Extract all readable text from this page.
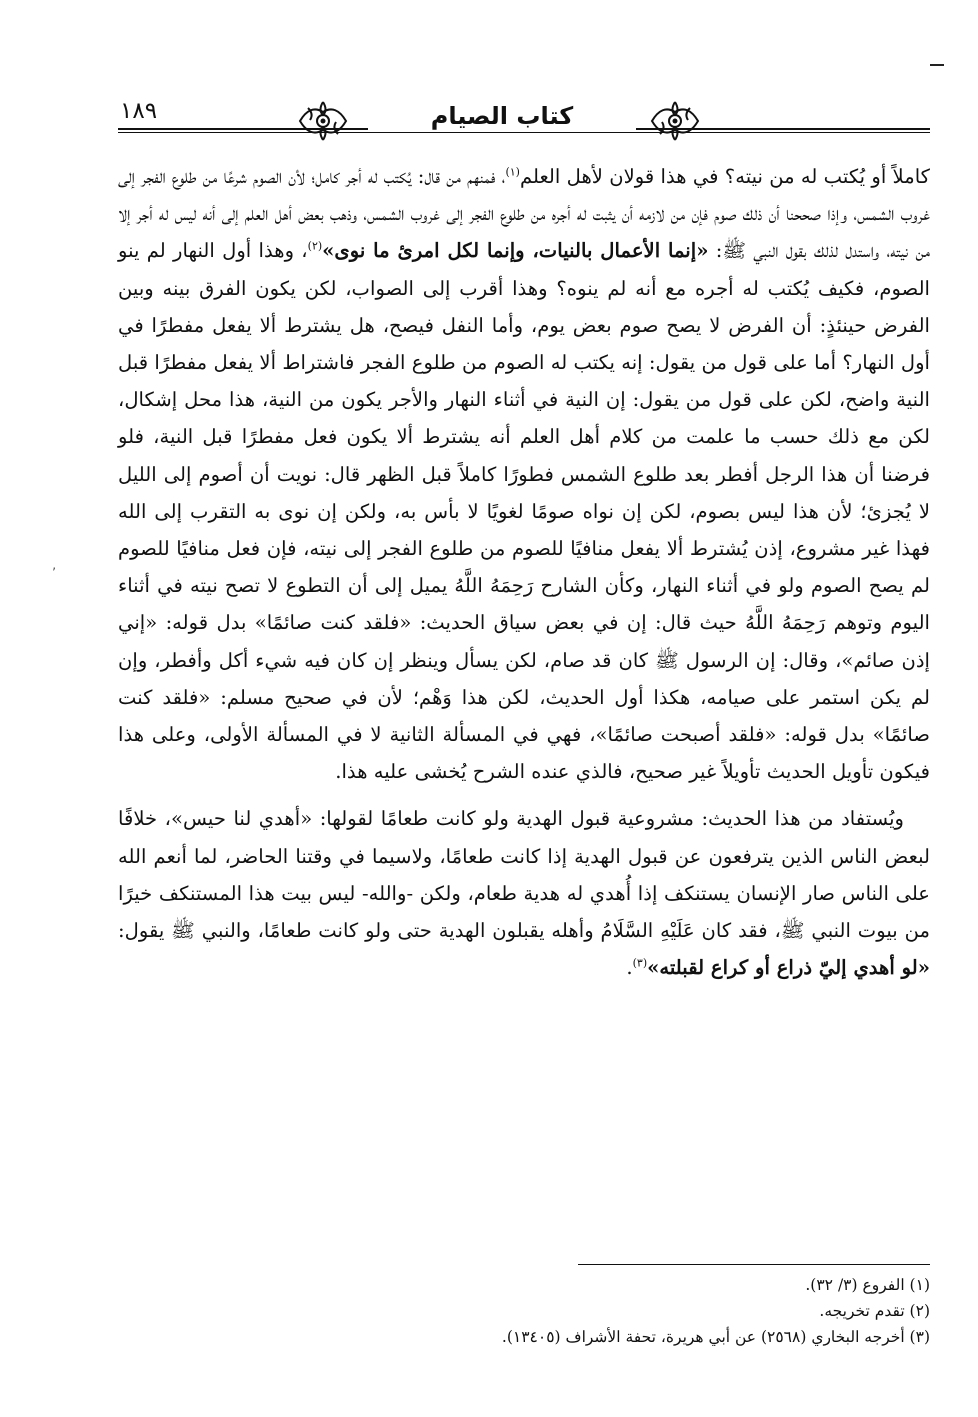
٬
١٨٩	كتاب الصيام

كاملاً أو يُكتب له من نيته؟ في هذا قولان لأهل العلم$^{(١)}$، فمنهم من قال: يُكتب له أجر كامل؛ لأن الصوم شرعًا من طلوع الفجر إلى غروب الشمس، وإذا صححنا أن ذلك صوم فإن من لازمه أن يثبت له أجره من طلوع الفجر إلى غروب الشمس، وذهب بعض أهل العلم إلى أنه ليس له أجر إلا من نيته، واستدل لذلك بقول النبي ﷺ: «إنما الأعمال بالنيات، وإنما لكل امرئ ما نوى»$^{(٢)}$، وهذا أول النهار لم ينو الصوم، فكيف يُكتب له أجره مع أنه لم ينوه؟ وهذا أقرب إلى الصواب، لكن يكون الفرق بينه وبين الفرض حينئذٍ: أن الفرض لا يصح صوم بعض يوم، وأما النفل فيصح، هل يشترط ألا يفعل مفطرًا في أول النهار؟ أما على قول من يقول: إنه يكتب له الصوم من طلوع الفجر فاشتراط ألا يفعل مفطرًا قبل النية واضح، لكن على قول من يقول: إن النية في أثناء النهار والأجر يكون من النية، هذا محل إشكال، لكن مع ذلك حسب ما علمت من كلام أهل العلم أنه يشترط ألا يكون فعل مفطرًا قبل النية، فلو فرضنا أن هذا الرجل أفطر بعد طلوع الشمس فطورًا كاملاً قبل الظهر قال: نويت أن أصوم إلى الليل لا يُجزئ؛ لأن هذا ليس بصوم، لكن إن نواه صومًا لغويًا لا بأس به، ولكن إن نوى به التقرب إلى الله فهذا غير مشروع، إذن يُشترط ألا يفعل منافيًا للصوم من طلوع الفجر إلى نيته، فإن فعل منافيًا للصوم لم يصح الصوم ولو في أثناء النهار، وكأن الشارح رَحِمَهُ اللَّهُ يميل إلى أن التطوع لا تصح نيته في أثناء اليوم وتوهم رَحِمَهُ اللَّهُ حيث قال: إن في بعض سياق الحديث: «فلقد كنت صائمًا» بدل قوله: «إني إذن صائم»، وقال: إن الرسول ﷺ كان قد صام، لكن يسأل وينظر إن كان فيه شيء أكل وأفطر، وإن لم يكن استمر على صيامه، هكذا أول الحديث، لكن هذا وَهْم؛ لأن في صحيح مسلم: «فلقد كنت صائمًا» بدل قوله: «فلقد أصبحت صائمًا»، فهي في المسألة الثانية لا في المسألة الأولى، وعلى هذا فيكون تأويل الحديث تأويلاً غير صحيح، فالذي عنده الشرح يُخشى عليه هذا.

ويُستفاد من هذا الحديث: مشروعية قبول الهدية ولو كانت طعامًا لقولها: «أهدي لنا حيس»، خلافًا لبعض الناس الذين يترفعون عن قبول الهدية إذا كانت طعامًا، ولاسيما في وقتنا الحاضر، لما أنعم الله على الناس صار الإنسان يستنكف إذا أُهدي له هدية طعام، ولكن -والله- ليس بيت هذا المستنكف خيرًا من بيوت النبي ﷺ، فقد كان عَلَيْهِ السَّلَامُ وأهله يقبلون الهدية حتى ولو كانت طعامًا، والنبي ﷺ يقول: «لو أهدي إليّ ذراع أو كراع لقبلته»$^{(٣)}$.

(١) الفروع (٣/ ٣٢).
(٢) تقدم تخريجه.
(٣) أخرجه البخاري (٢٥٦٨) عن أبي هريرة، تحفة الأشراف (١٣٤٠٥).
